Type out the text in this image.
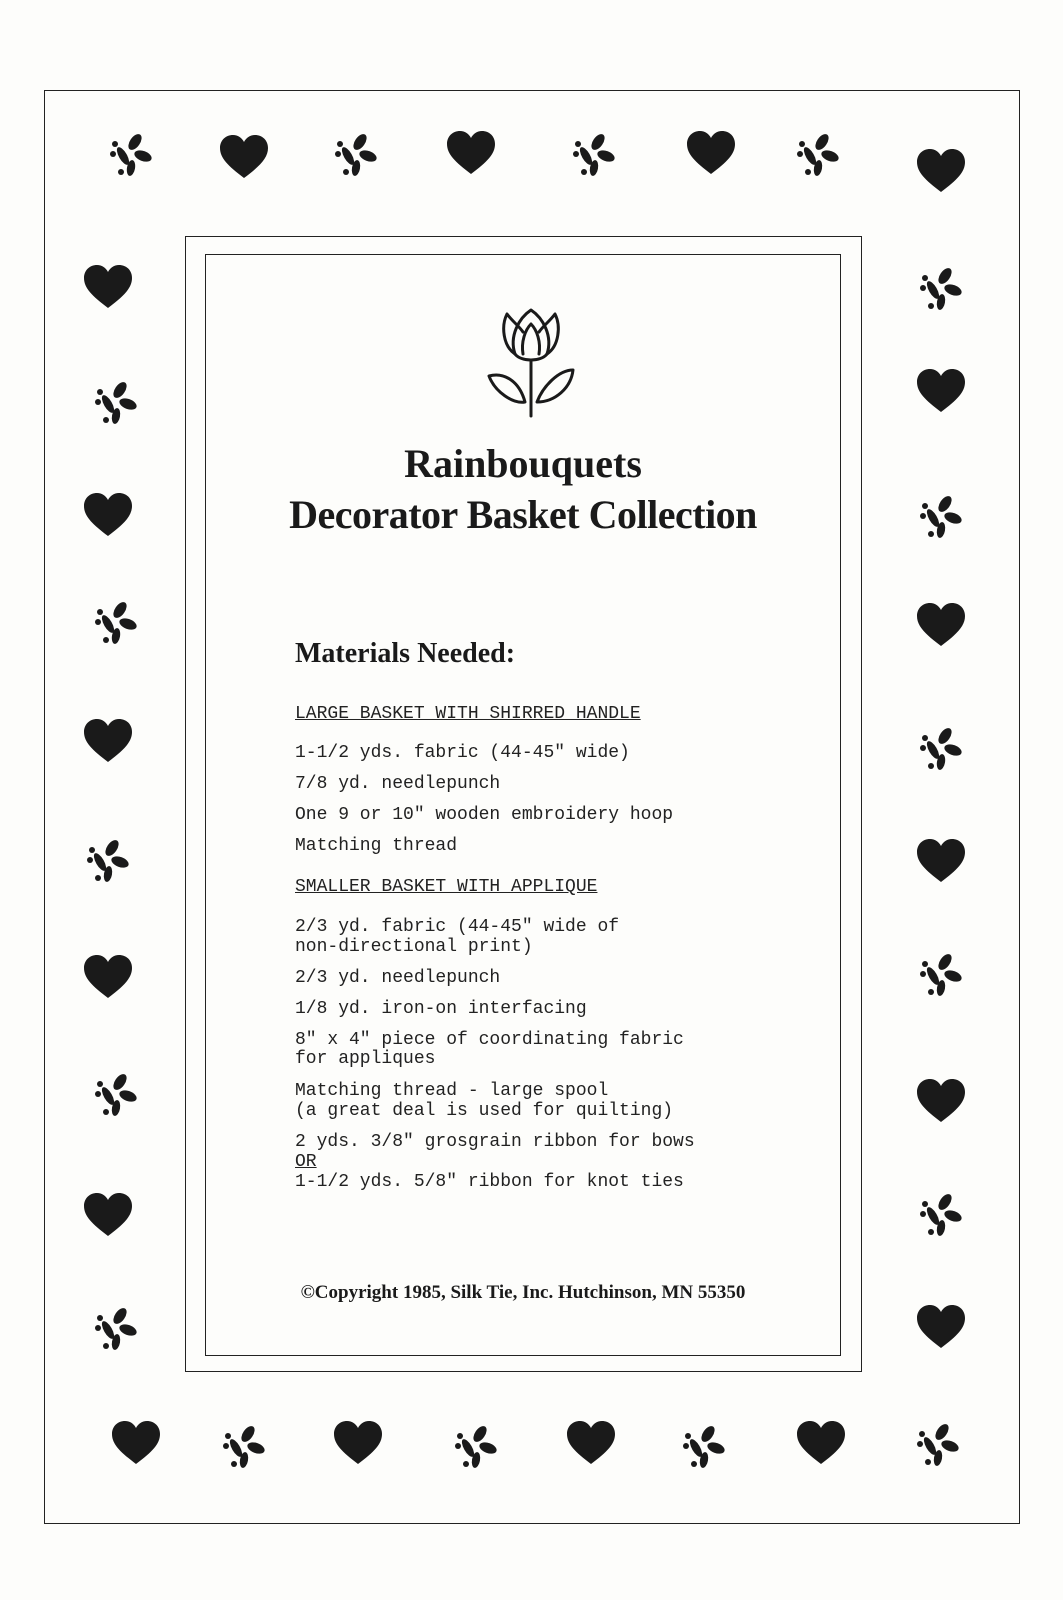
Rainbouquets
Decorator Basket Collection
Materials Needed:
LARGE BASKET WITH SHIRRED HANDLE
1-1/2 yds. fabric (44-45" wide)
7/8 yd. needlepunch
One 9 or 10" wooden embroidery hoop
Matching thread
SMALLER BASKET WITH APPLIQUE
2/3 yd. fabric (44-45" wide of
non-directional print)
2/3 yd. needlepunch
1/8 yd. iron-on interfacing
8" x 4" piece of coordinating fabric
for appliques
Matching thread - large spool
(a great deal is used for quilting)
2 yds. 3/8" grosgrain ribbon for bows
OR
1-1/2 yds. 5/8" ribbon for knot ties
©Copyright 1985, Silk Tie, Inc. Hutchinson, MN 55350
